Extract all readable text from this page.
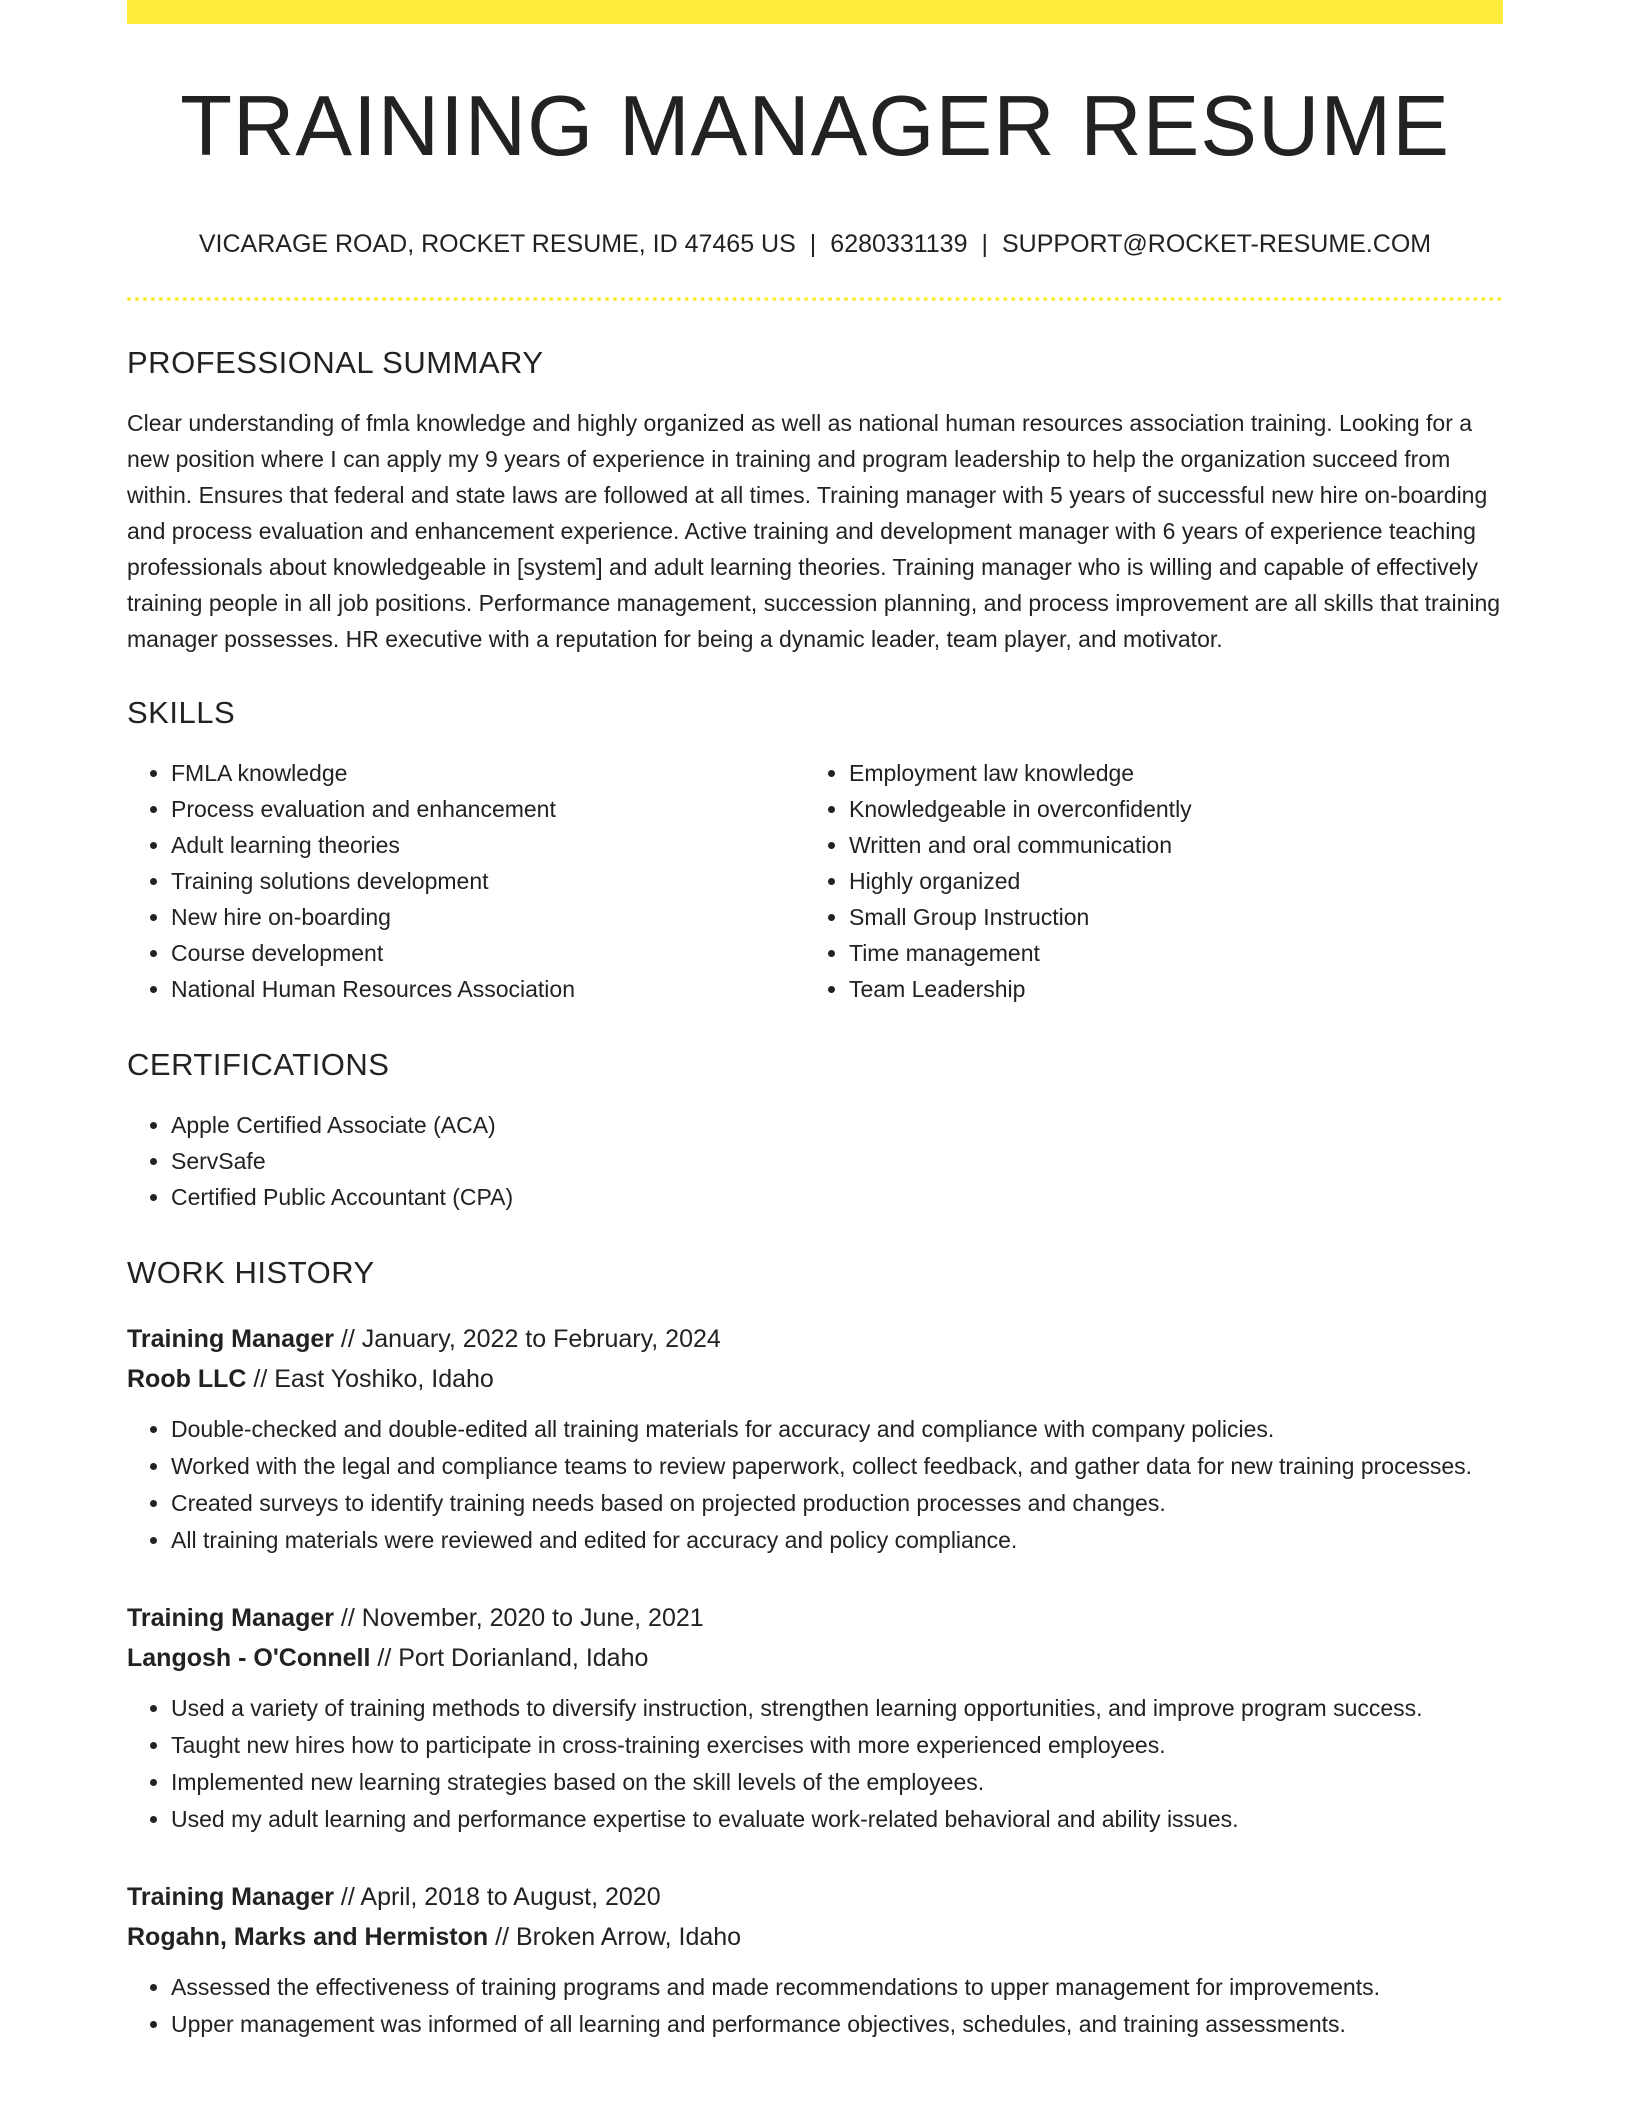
TRAINING MANAGER RESUME
VICARAGE ROAD, ROCKET RESUME, ID 47465 US | 6280331139 | SUPPORT@ROCKET-RESUME.COM
PROFESSIONAL SUMMARY

Clear understanding of fmla knowledge and highly organized as well as national human resources association training. Looking for a new position where I can apply my 9 years of experience in training and program leadership to help the organization succeed from within. Ensures that federal and state laws are followed at all times. Training manager with 5 years of successful new hire on-boarding and process evaluation and enhancement experience. Active training and development manager with 6 years of experience teaching professionals about knowledgeable in [system] and adult learning theories. Training manager who is willing and capable of effectively training people in all job positions. Performance management, succession planning, and process improvement are all skills that training manager possesses. HR executive with a reputation for being a dynamic leader, team player, and motivator.

SKILLS
• FMLA knowledge
• Process evaluation and enhancement
• Adult learning theories
• Training solutions development
• New hire on-boarding
• Course development
• National Human Resources Association
• Employment law knowledge
• Knowledgeable in overconfidently
• Written and oral communication
• Highly organized
• Small Group Instruction
• Time management
• Team Leadership
CERTIFICATIONS
• Apple Certified Associate (ACA)
• ServSafe
• Certified Public Accountant (CPA)
WORK HISTORY
Training Manager // January, 2022 to February, 2024
Roob LLC // East Yoshiko, Idaho
• Double-checked and double-edited all training materials for accuracy and compliance with company policies.
• Worked with the legal and compliance teams to review paperwork, collect feedback, and gather data for new training processes.
• Created surveys to identify training needs based on projected production processes and changes.
• All training materials were reviewed and edited for accuracy and policy compliance.
Training Manager // November, 2020 to June, 2021
Langosh - O'Connell // Port Dorianland, Idaho
• Used a variety of training methods to diversify instruction, strengthen learning opportunities, and improve program success.
• Taught new hires how to participate in cross-training exercises with more experienced employees.
• Implemented new learning strategies based on the skill levels of the employees.
• Used my adult learning and performance expertise to evaluate work-related behavioral and ability issues.
Training Manager // April, 2018 to August, 2020
Rogahn, Marks and Hermiston // Broken Arrow, Idaho
• Assessed the effectiveness of training programs and made recommendations to upper management for improvements.
• Upper management was informed of all learning and performance objectives, schedules, and training assessments.
